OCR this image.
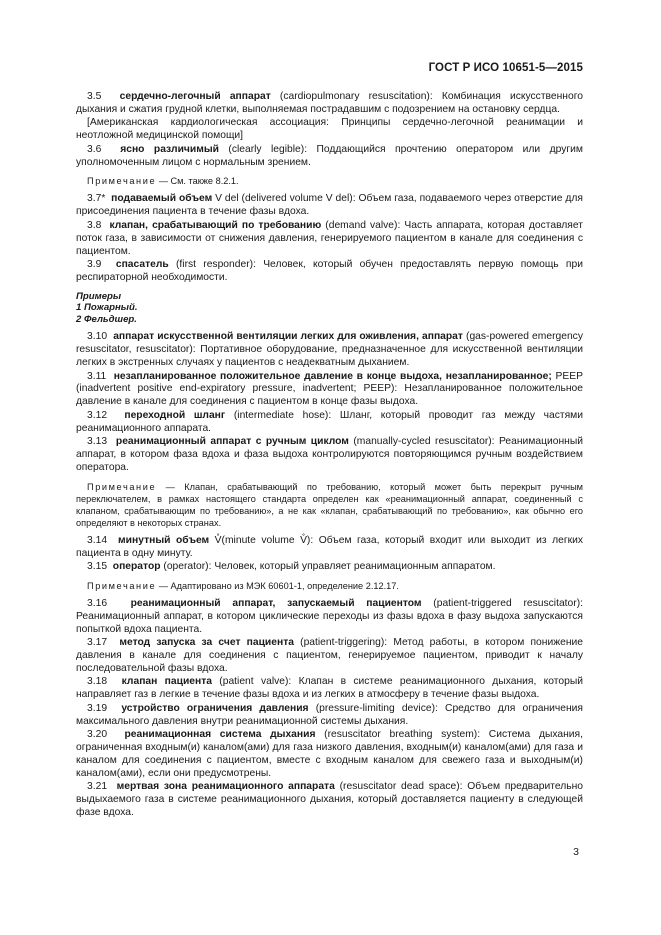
ГОСТ Р ИСО 10651-5—2015

3.5 сердечно-легочный аппарат (cardiopulmonary resuscitation): Комбинация искусственного дыхания и сжатия грудной клетки, выполняемая пострадавшим с подозрением на остановку сердца.

[Американская кардиологическая ассоциация: Принципы сердечно-легочной реанимации и неотложной медицинской помощи]

3.6 ясно различимый (clearly legible): Поддающийся прочтению оператором или другим уполномоченным лицом с нормальным зрением.

Примечание — См. также 8.2.1.

3.7* подаваемый объем V del (delivered volume V del): Объем газа, подаваемого через отверстие для присоединения пациента в течение фазы вдоха.

3.8 клапан, срабатывающий по требованию (demand valve): Часть аппарата, которая доставляет поток газа, в зависимости от снижения давления, генерируемого пациентом в канале для соединения с пациентом.

3.9 спасатель (first responder): Человек, который обучен предоставлять первую помощь при респираторной необходимости.

Примеры
1 Пожарный.
2 Фельдшер.

3.10 аппарат искусственной вентиляции легких для оживления, аппарат (gas-powered emergency resuscitator, resuscitator): Портативное оборудование, предназначенное для искусственной вентиляции легких в экстренных случаях у пациентов с неадекватным дыханием.

3.11 незапланированное положительное давление в конце выдоха, незапланированное; PEEP (inadvertent positive end-expiratory pressure, inadvertent; PEEP): Незапланированное положительное давление в канале для соединения с пациентом в конце фазы выдоха.

3.12 переходной шланг (intermediate hose): Шланг, который проводит газ между частями реанимационного аппарата.

3.13 реанимационный аппарат с ручным циклом (manually-cycled resuscitator): Реанимационный аппарат, в котором фаза вдоха и фаза выдоха контролируются повторяющимся ручным воздействием оператора.

Примечание — Клапан, срабатывающий по требованию, который может быть перекрыт ручным переключателем, в рамках настоящего стандарта определен как «реанимационный аппарат, соединенный с клапаном, срабатывающим по требованию», а не как «клапан, срабатывающий по требованию», как обычно его определяют в некоторых странах.

3.14 минутный объем V̊(minute volume V̊): Объем газа, который входит или выходит из легких пациента в одну минуту.

3.15 оператор (operator): Человек, который управляет реанимационным аппаратом.

Примечание — Адаптировано из МЭК 60601-1, определение 2.12.17.

3.16 реанимационный аппарат, запускаемый пациентом (patient-triggered resuscitator): Реанимационный аппарат, в котором циклические переходы из фазы вдоха в фазу выдоха запускаются попыткой вдоха пациента.

3.17 метод запуска за счет пациента (patient-triggering): Метод работы, в котором понижение давления в канале для соединения с пациентом, генерируемое пациентом, приводит к началу последовательной фазы вдоха.

3.18 клапан пациента (patient valve): Клапан в системе реанимационного дыхания, который направляет газ в легкие в течение фазы вдоха и из легких в атмосферу в течение фазы выдоха.

3.19 устройство ограничения давления (pressure-limiting device): Средство для ограничения максимального давления внутри реанимационной системы дыхания.

3.20 реанимационная система дыхания (resuscitator breathing system): Система дыхания, ограниченная входным(и) каналом(ами) для газа низкого давления, входным(и) каналом(ами) для газа и каналом для соединения с пациентом, вместе с входным каналом для свежего газа и выходным(и) каналом(ами), если они предусмотрены.

3.21 мертвая зона реанимационного аппарата (resuscitator dead space): Объем предварительно выдыхаемого газа в системе реанимационного дыхания, который доставляется пациенту в следующей фазе вдоха.

3
